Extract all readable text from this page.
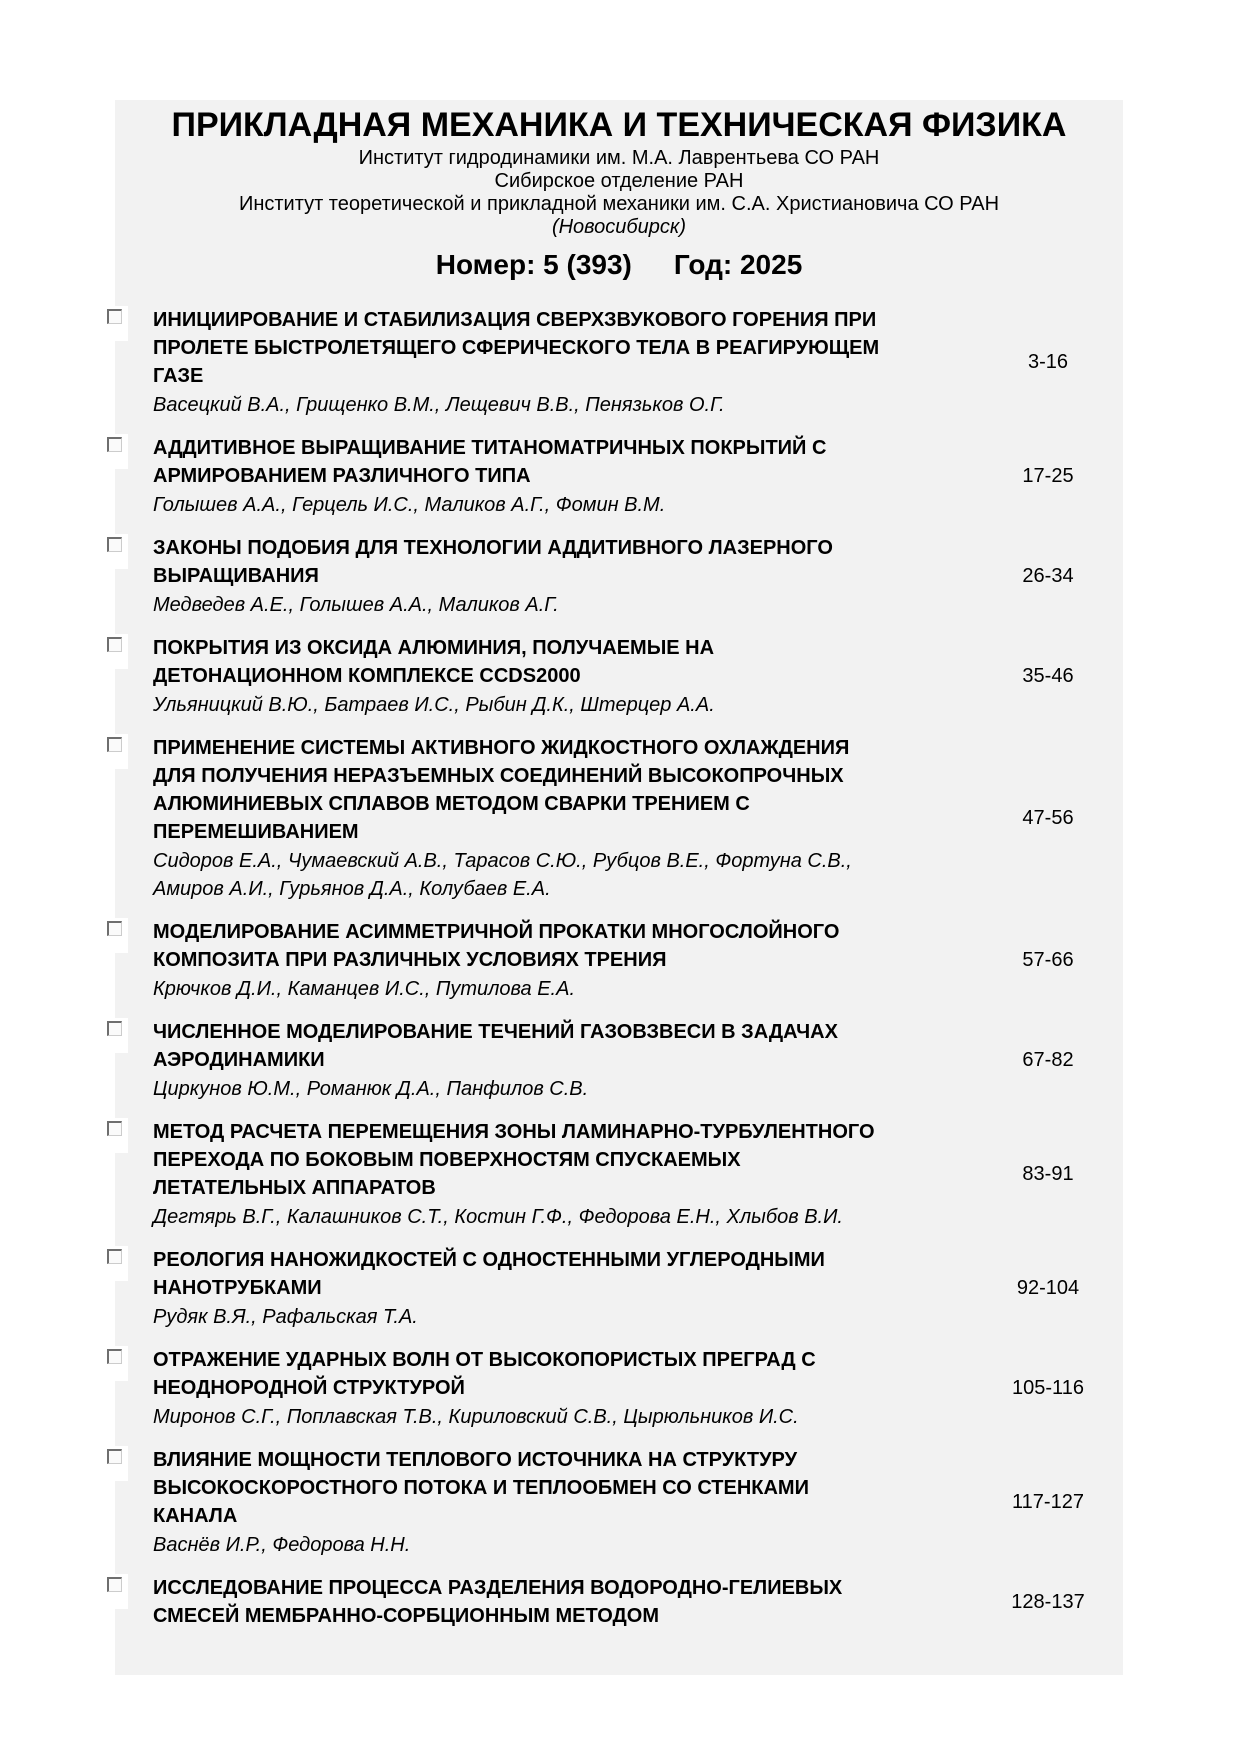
ПРИКЛАДНАЯ МЕХАНИКА И ТЕХНИЧЕСКАЯ ФИЗИКА
Институт гидродинамики им. М.А. Лаврентьева СО РАН
Сибирское отделение РАН
Институт теоретической и прикладной механики им. С.А. Христиановича СО РАН
(Новосибирск)
Номер: 5 (393) Год: 2025
ИНИЦИИРОВАНИЕ И СТАБИЛИЗАЦИЯ СВЕРХЗВУКОВОГО ГОРЕНИЯ ПРИ ПРОЛЕТЕ БЫСТРОЛЕТЯЩЕГО СФЕРИЧЕСКОГО ТЕЛА В РЕАГИРУЮЩЕМ ГАЗЕ
Васецкий В.А., Грищенко В.М., Лещевич В.В., Пенязьков О.Г.
3-16
АДДИТИВНОЕ ВЫРАЩИВАНИЕ ТИТАНОМАТРИЧНЫХ ПОКРЫТИЙ С АРМИРОВАНИЕМ РАЗЛИЧНОГО ТИПА
Голышев А.А., Герцель И.С., Маликов А.Г., Фомин В.М.
17-25
ЗАКОНЫ ПОДОБИЯ ДЛЯ ТЕХНОЛОГИИ АДДИТИВНОГО ЛАЗЕРНОГО ВЫРАЩИВАНИЯ
Медведев А.Е., Голышев А.А., Маликов А.Г.
26-34
ПОКРЫТИЯ ИЗ ОКСИДА АЛЮМИНИЯ, ПОЛУЧАЕМЫЕ НА ДЕТОНАЦИОННОМ КОМПЛЕКСЕ CCDS2000
Ульяницкий В.Ю., Батраев И.С., Рыбин Д.К., Штерцер А.А.
35-46
ПРИМЕНЕНИЕ СИСТЕМЫ АКТИВНОГО ЖИДКОСТНОГО ОХЛАЖДЕНИЯ ДЛЯ ПОЛУЧЕНИЯ НЕРАЗЪЕМНЫХ СОЕДИНЕНИЙ ВЫСОКОПРОЧНЫХ АЛЮМИНИЕВЫХ СПЛАВОВ МЕТОДОМ СВАРКИ ТРЕНИЕМ С ПЕРЕМЕШИВАНИЕМ
Сидоров Е.А., Чумаевский А.В., Тарасов С.Ю., Рубцов В.Е., Фортуна С.В., Амиров А.И., Гурьянов Д.А., Колубаев Е.А.
47-56
МОДЕЛИРОВАНИЕ АСИММЕТРИЧНОЙ ПРОКАТКИ МНОГОСЛОЙНОГО КОМПОЗИТА ПРИ РАЗЛИЧНЫХ УСЛОВИЯХ ТРЕНИЯ
Крючков Д.И., Каманцев И.С., Путилова Е.А.
57-66
ЧИСЛЕННОЕ МОДЕЛИРОВАНИЕ ТЕЧЕНИЙ ГАЗОВЗВЕСИ В ЗАДАЧАХ АЭРОДИНАМИКИ
Циркунов Ю.М., Романюк Д.А., Панфилов С.В.
67-82
МЕТОД РАСЧЕТА ПЕРЕМЕЩЕНИЯ ЗОНЫ ЛАМИНАРНО-ТУРБУЛЕНТНОГО ПЕРЕХОДА ПО БОКОВЫМ ПОВЕРХНОСТЯМ СПУСКАЕМЫХ ЛЕТАТЕЛЬНЫХ АППАРАТОВ
Дегтярь В.Г., Калашников С.Т., Костин Г.Ф., Федорова Е.Н., Хлыбов В.И.
83-91
РЕОЛОГИЯ НАНОЖИДКОСТЕЙ С ОДНОСТЕННЫМИ УГЛЕРОДНЫМИ НАНОТРУБКАМИ
Рудяк В.Я., Рафальская Т.А.
92-104
ОТРАЖЕНИЕ УДАРНЫХ ВОЛН ОТ ВЫСОКОПОРИСТЫХ ПРЕГРАД С НЕОДНОРОДНОЙ СТРУКТУРОЙ
Миронов С.Г., Поплавская Т.В., Кириловский С.В., Цырюльников И.С.
105-116
ВЛИЯНИЕ МОЩНОСТИ ТЕПЛОВОГО ИСТОЧНИКА НА СТРУКТУРУ ВЫСОКОСКОРОСТНОГО ПОТОКА И ТЕПЛООБМЕН СО СТЕНКАМИ КАНАЛА
Васнёв И.Р., Федорова Н.Н.
117-127
ИССЛЕДОВАНИЕ ПРОЦЕССА РАЗДЕЛЕНИЯ ВОДОРОДНО-ГЕЛИЕВЫХ СМЕСЕЙ МЕМБРАННО-СОРБЦИОННЫМ МЕТОДОМ
128-137
